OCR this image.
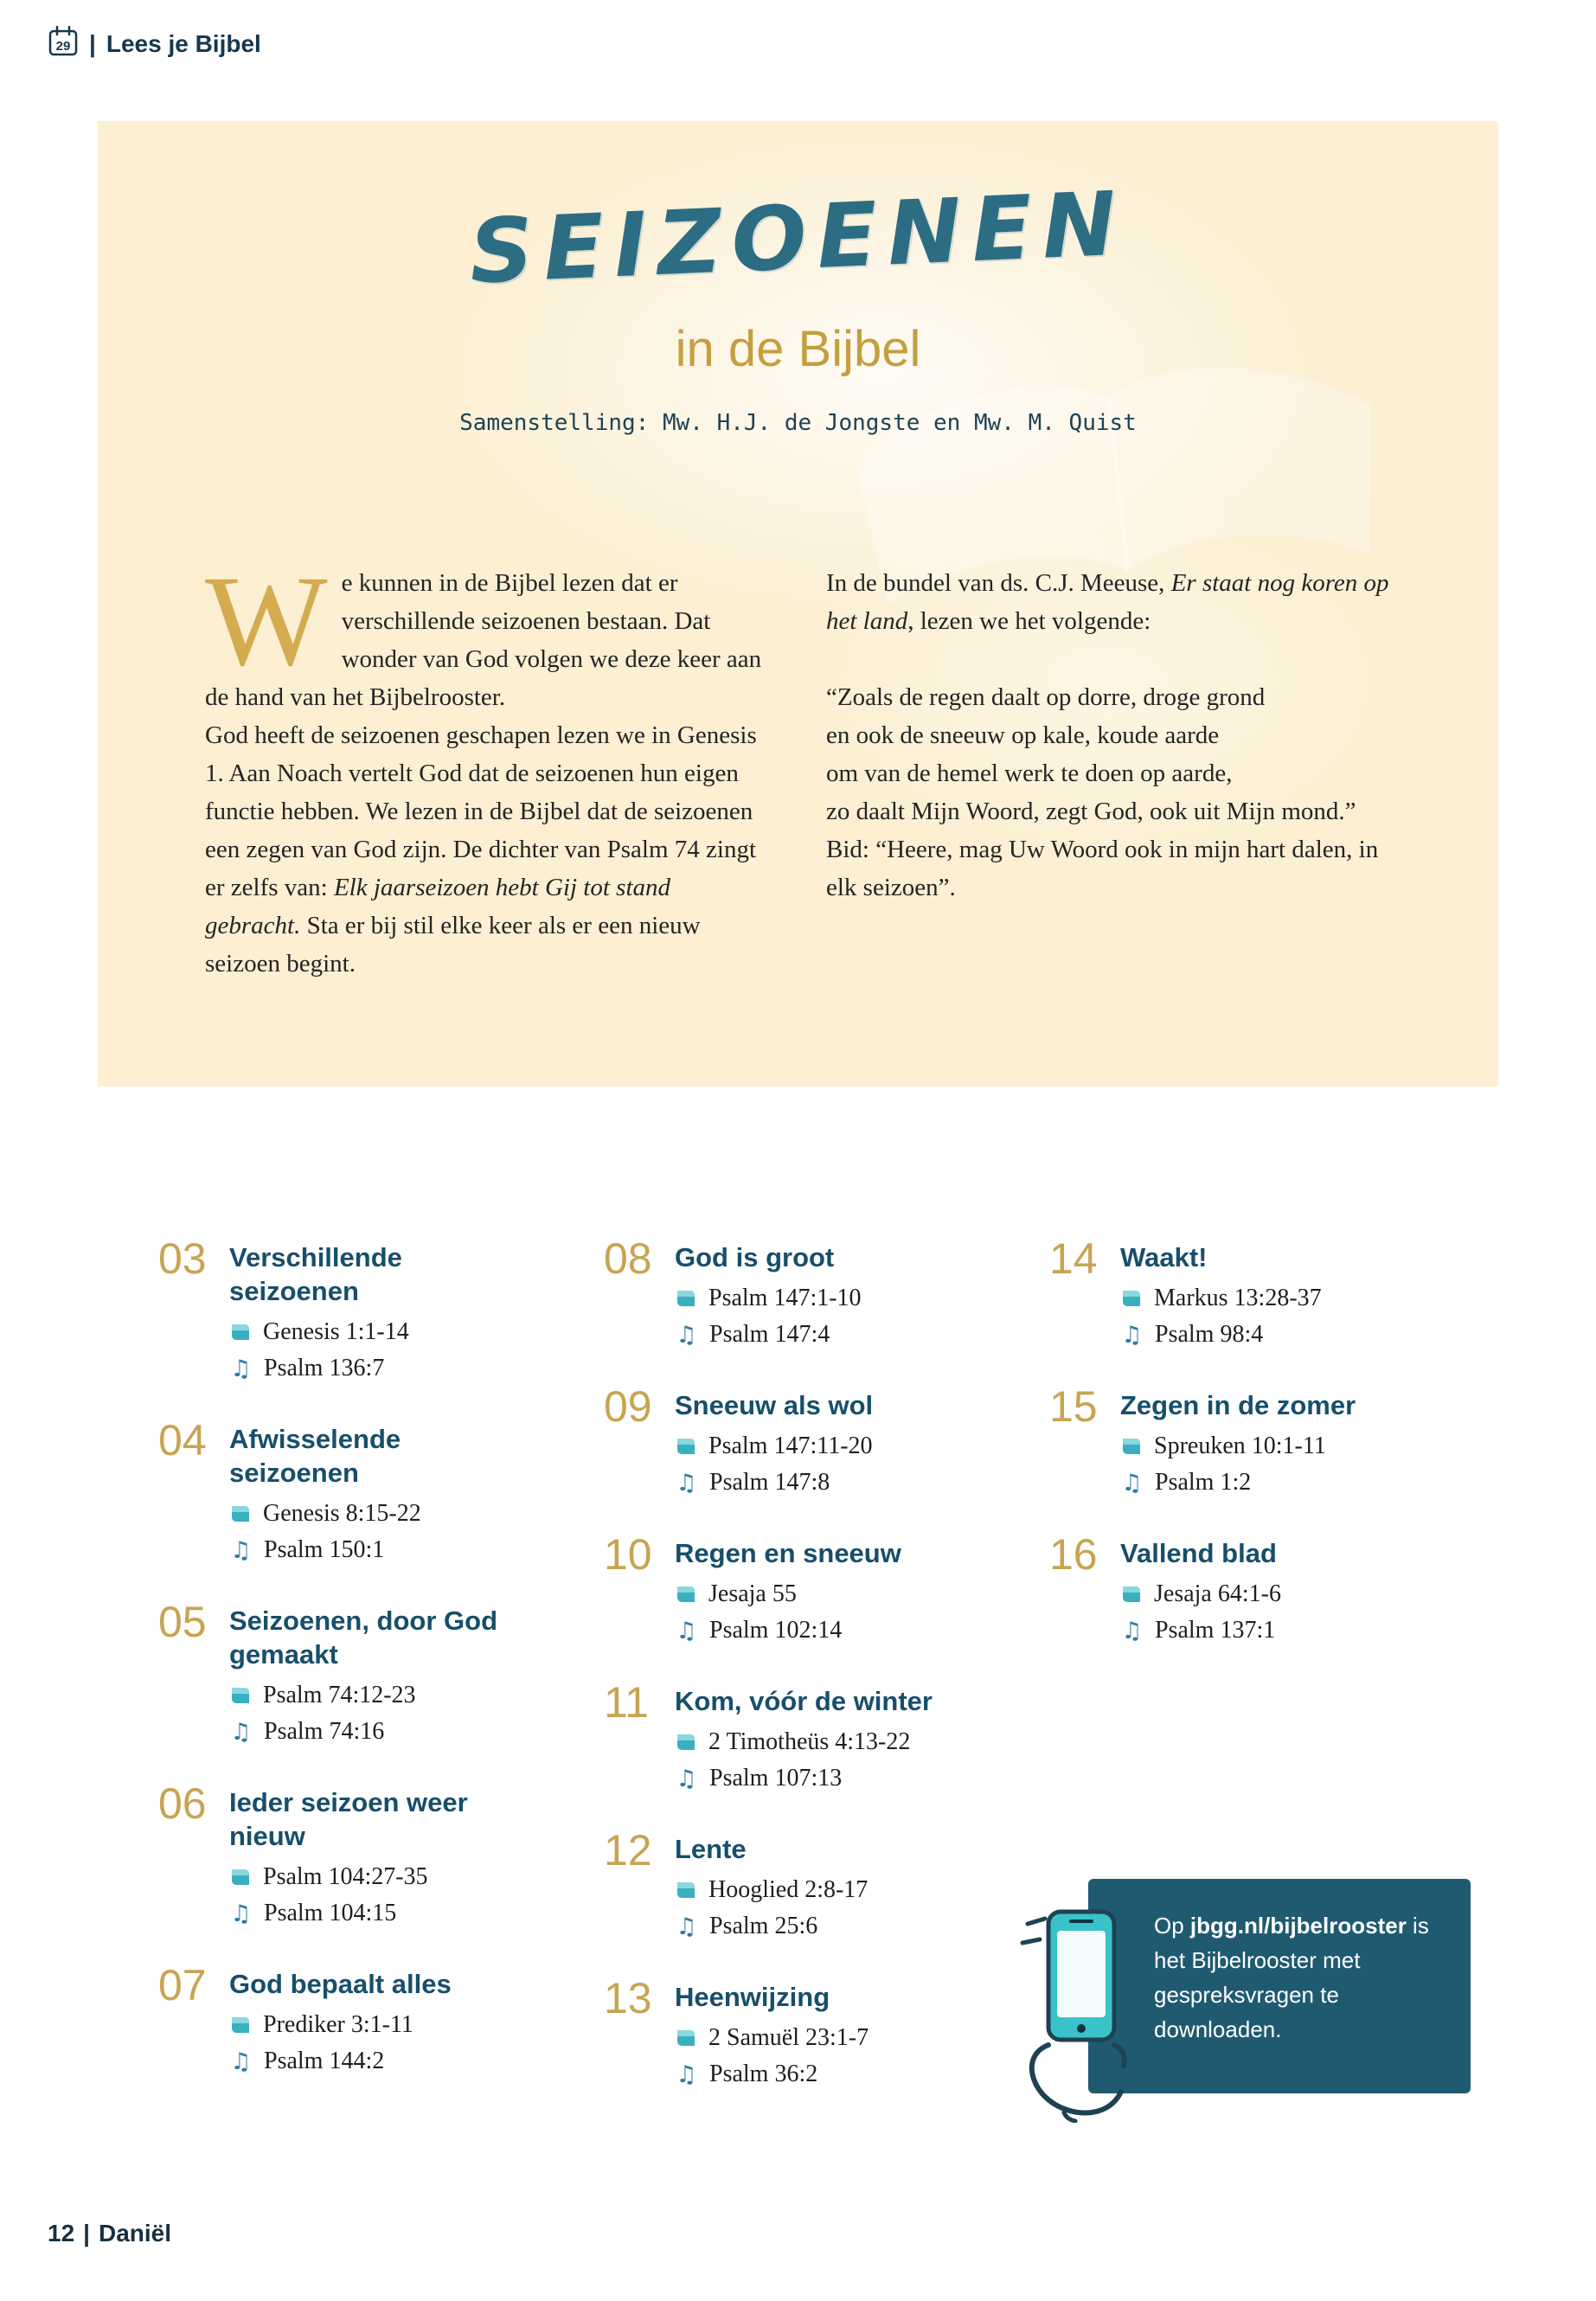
29 | Lees je Bijbel
SEIZOENEN
in de Bijbel
Samenstelling: Mw. H.J. de Jongste en Mw. M. Quist

We kunnen in de Bijbel lezen dat er verschillende seizoenen bestaan. Dat wonder van God volgen we deze keer aan de hand van het Bijbelrooster.

God heeft de seizoenen geschapen lezen we in Genesis 1. Aan Noach vertelt God dat de seizoenen hun eigen functie hebben. We lezen in de Bijbel dat de seizoenen een zegen van God zijn. De dichter van Psalm 74 zingt er zelfs van: Elk jaarseizoen hebt Gij tot stand gebracht. Sta er bij stil elke keer als er een nieuw seizoen begint.

In de bundel van ds. C.J. Meeuse, Er staat nog koren op het land, lezen we het volgende:

“Zoals de regen daalt op dorre, droge grond
en ook de sneeuw op kale, koude aarde
om van de hemel werk te doen op aarde,
zo daalt Mijn Woord, zegt God, ook uit Mijn mond.”

Bid: “Heere, mag Uw Woord ook in mijn hart dalen, in elk seizoen”.

03 Verschillende seizoenen
Genesis 1:1-14
♫ Psalm 136:7
04 Afwisselende seizoenen
Genesis 8:15-22
♫ Psalm 150:1
05 Seizoenen, door God gemaakt
Psalm 74:12-23
♫ Psalm 74:16
06 Ieder seizoen weer nieuw
Psalm 104:27-35
♫ Psalm 104:15
07 God bepaalt alles
Prediker 3:1-11
♫ Psalm 144:2
08 God is groot
Psalm 147:1-10
♫ Psalm 147:4
09 Sneeuw als wol
Psalm 147:11-20
♫ Psalm 147:8
10 Regen en sneeuw
Jesaja 55
♫ Psalm 102:14
11 Kom, vóór de winter
2 Timotheüs 4:13-22
♫ Psalm 107:13
12 Lente
Hooglied 2:8-17
♫ Psalm 25:6
13 Heenwijzing
2 Samuël 23:1-7
♫ Psalm 36:2
14 Waakt!
Markus 13:28-37
♫ Psalm 98:4
15 Zegen in de zomer
Spreuken 10:1-11
♫ Psalm 1:2
16 Vallend blad
Jesaja 64:1-6
♫ Psalm 137:1
Op jbgg.nl/bijbelrooster is het Bijbelrooster met gespreksvragen te downloaden.
12 | Daniël
